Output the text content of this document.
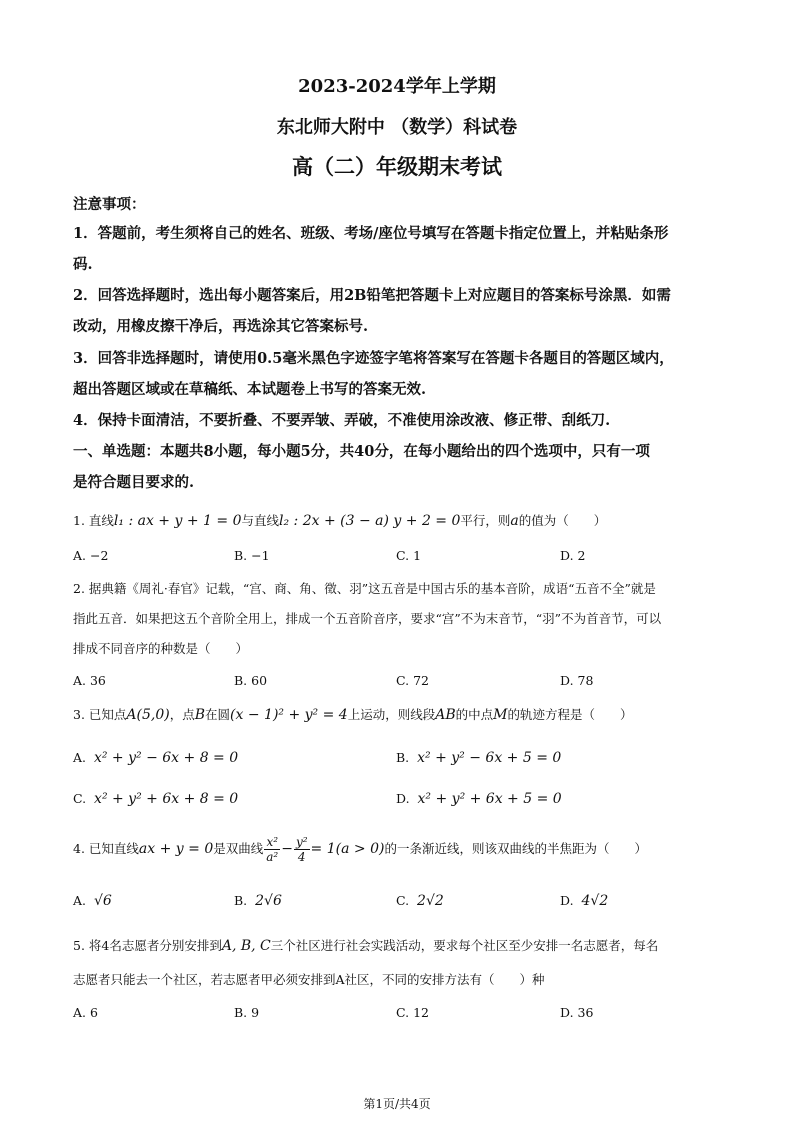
2023-2024学年上学期
东北师大附中 （数学）科试卷
高（二）年级期末考试
注意事项：
1．答题前，考生须将自己的姓名、班级、考场/座位号填写在答题卡指定位置上，并粘贴条形
码.
2．回答选择题时，选出每小题答案后，用2B铅笔把答题卡上对应题目的答案标号涂黑．如需
改动，用橡皮擦干净后，再选涂其它答案标号.
3．回答非选择题时，请使用0.5毫米黑色字迹签字笔将答案写在答题卡各题目的答题区域内，
超出答题区域或在草稿纸、本试题卷上书写的答案无效.
4．保持卡面清洁，不要折叠、不要弄皱、弄破，不准使用涂改液、修正带、刮纸刀.
一、单选题：本题共8小题，每小题5分，共40分，在每小题给出的四个选项中，只有一项
是符合题目要求的.
1. 直线l₁ : ax + y + 1 = 0与直线l₂ : 2x + (3 − a) y + 2 = 0平行，则a的值为（　　）
A. −2	B. −1	C. 1	D. 2
2. 据典籍《周礼·春官》记载，“宫、商、角、徵、羽”这五音是中国古乐的基本音阶，成语“五音不全”就是
指此五音．如果把这五个音阶全用上，排成一个五音阶音序，要求“宫”不为末音节，“羽”不为首音节，可以
排成不同音序的种数是（　　）
A. 36	B. 60	C. 72	D. 78
3. 已知点A(5,0)，点B在圆(x − 1)² + y² = 4上运动，则线段AB的中点M的轨迹方程是（　　）
A. x² + y² − 6x + 8 = 0	B. x² + y² − 6x + 5 = 0
C. x² + y² + 6x + 8 = 0	D. x² + y² + 6x + 5 = 0
4. 已知直线ax + y = 0是双曲线 $\frac{\text{x²}}{\text{a²}} - \frac{\text{y²}}{4} = 1(a > 0)$的一条渐近线，则该双曲线的半焦距为（　　）
A. √6	B. 2√6	C. 2√2	D. 4√2
5. 将4名志愿者分别安排到A, B, C三个社区进行社会实践活动，要求每个社区至少安排一名志愿者，每名
志愿者只能去一个社区，若志愿者甲必须安排到A社区，不同的安排方法有（　　）种
A. 6	B. 9	C. 12	D. 36
第1页/共4页
